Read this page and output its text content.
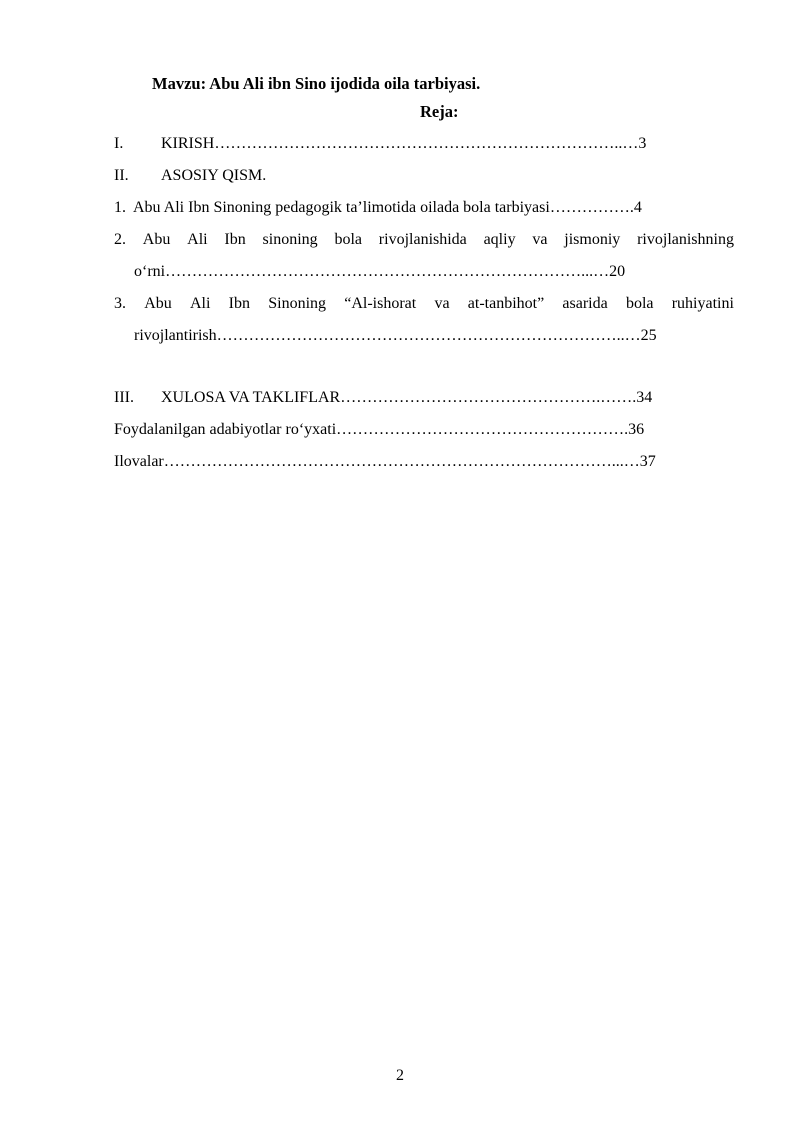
Mavzu: Abu Ali ibn Sino ijodida oila tarbiyasi.
Reja:
I. KIRISH…………………………………………………………………..…3
II. ASOSIY QISM.
1. Abu Ali Ibn Sinoning pedagogik ta’limotida oilada bola tarbiyasi…………….4
2. Abu Ali Ibn sinoning bola rivojlanishida aqliy va jismoniy rivojlanishning
o‘rni……………………………………………………………………...…20
3. Abu Ali Ibn Sinoning “Al-ishorat va at-tanbihot” asarida bola ruhiyatini
rivojlantirish…………………………………………………………………..…25
III. XULOSA VA TAKLIFLAR………………………………………….…….34
Foydalanilgan adabiyotlar ro‘yxati……………………………………………….36
Ilovalar…………………………………………………………………………...…37
2
